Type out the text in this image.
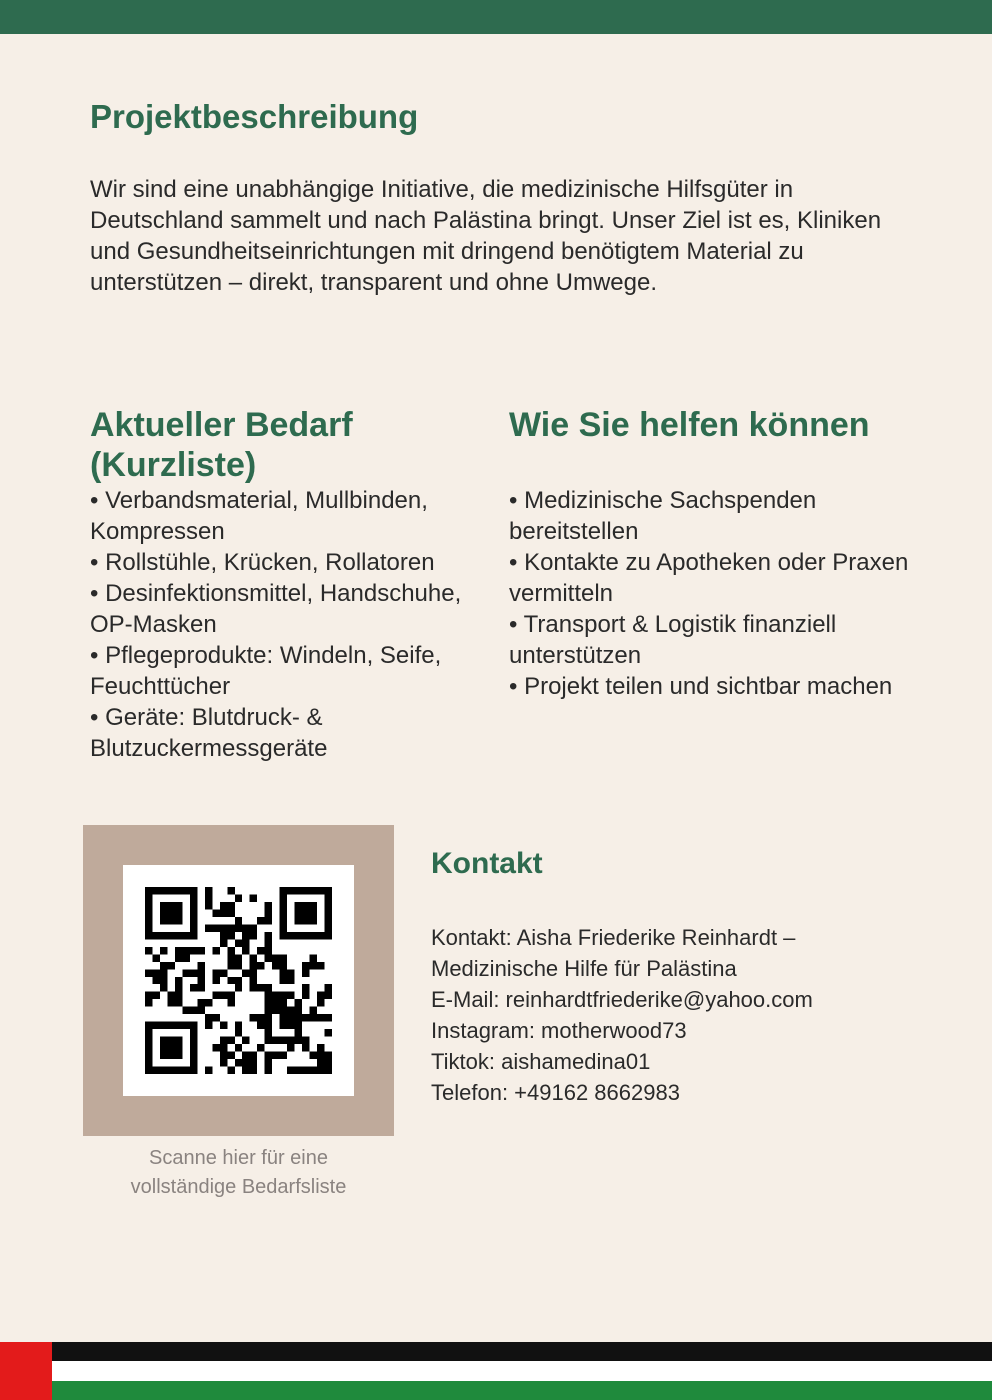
Projektbeschreibung

Wir sind eine unabhängige Initiative, die medizinische Hilfsgüter in Deutschland sammelt und nach Palästina bringt. Unser Ziel ist es, Kliniken und Gesundheitseinrichtungen mit dringend benötigtem Material zu unterstützen – direkt, transparent und ohne Umwege.

Aktueller Bedarf (Kurzliste)
• Verbandsmaterial, Mullbinden, Kompressen
• Rollstühle, Krücken, Rollatoren
• Desinfektionsmittel, Handschuhe, OP-Masken
• Pflegeprodukte: Windeln, Seife, Feuchttücher
• Geräte: Blutdruck- & Blutzuckermessgeräte
Wie Sie helfen können
• Medizinische Sachspenden bereitstellen
• Kontakte zu Apotheken oder Praxen vermitteln
• Transport & Logistik finanziell unterstützen
• Projekt teilen und sichtbar machen

Scanne hier für eine
vollständige Bedarfsliste

Kontakt
Kontakt: Aisha Friederike Reinhardt –
Medizinische Hilfe für Palästina
E-Mail: reinhardtfriederike@yahoo.com
Instagram: motherwood73
Tiktok: aishamedina01
Telefon: +49162 8662983
